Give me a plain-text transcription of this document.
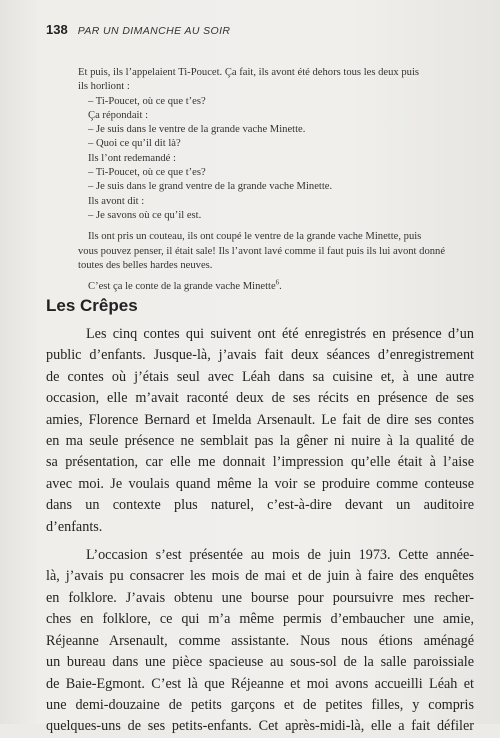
138 PAR UN DIMANCHE AU SOIR
Et puis, ils l’appelaient Ti-Poucet. Ça fait, ils avont été dehors tous les deux puis
ils horliont :
– Ti-Poucet, où ce que t’es?
Ça répondait :
– Je suis dans le ventre de la grande vache Minette.
– Quoi ce qu’il dit là?
Ils l’ont redemandé :
– Ti-Poucet, où ce que t’es?
– Je suis dans le grand ventre de la grande vache Minette.
Ils avont dit :
– Je savons où ce qu’il est.
Ils ont pris un couteau, ils ont coupé le ventre de la grande vache Minette, puis
vous pouvez penser, il était sale! Ils l’avont lavé comme il faut puis ils lui avont donné
toutes des belles hardes neuves.
C’est ça le conte de la grande vache Minette$^6$.
Les Crêpes
Les cinq contes qui suivent ont été enregistrés en présence d’un
public d’enfants. Jusque-là, j’avais fait deux séances d’enregistrement
de contes où j’étais seul avec Léah dans sa cuisine et, à une autre
occasion, elle m’avait raconté deux de ses récits en présence de ses
amies, Florence Bernard et Imelda Arsenault. Le fait de dire ses contes
en ma seule présence ne semblait pas la gêner ni nuire à la qualité de
sa présentation, car elle me donnait l’impression qu’elle était à l’aise
avec moi. Je voulais quand même la voir se produire comme conteuse
dans un contexte plus naturel, c’est-à-dire devant un auditoire
d’enfants.
L’occasion s’est présentée au mois de juin 1973. Cette année-
là, j’avais pu consacrer les mois de mai et de juin à faire des enquêtes
en folklore. J’avais obtenu une bourse pour poursuivre mes recher-
ches en folklore, ce qui m’a même permis d’embaucher une amie,
Réjeanne Arsenault, comme assistante. Nous nous étions aménagé
un bureau dans une pièce spacieuse au sous-sol de la salle paroissiale
de Baie-Egmont. C’est là que Réjeanne et moi avons accueilli Léah et
une demi-douzaine de petits garçons et de petites filles, y compris
quelques-uns de ses petits-enfants. Cet après-midi-là, elle a fait défiler
